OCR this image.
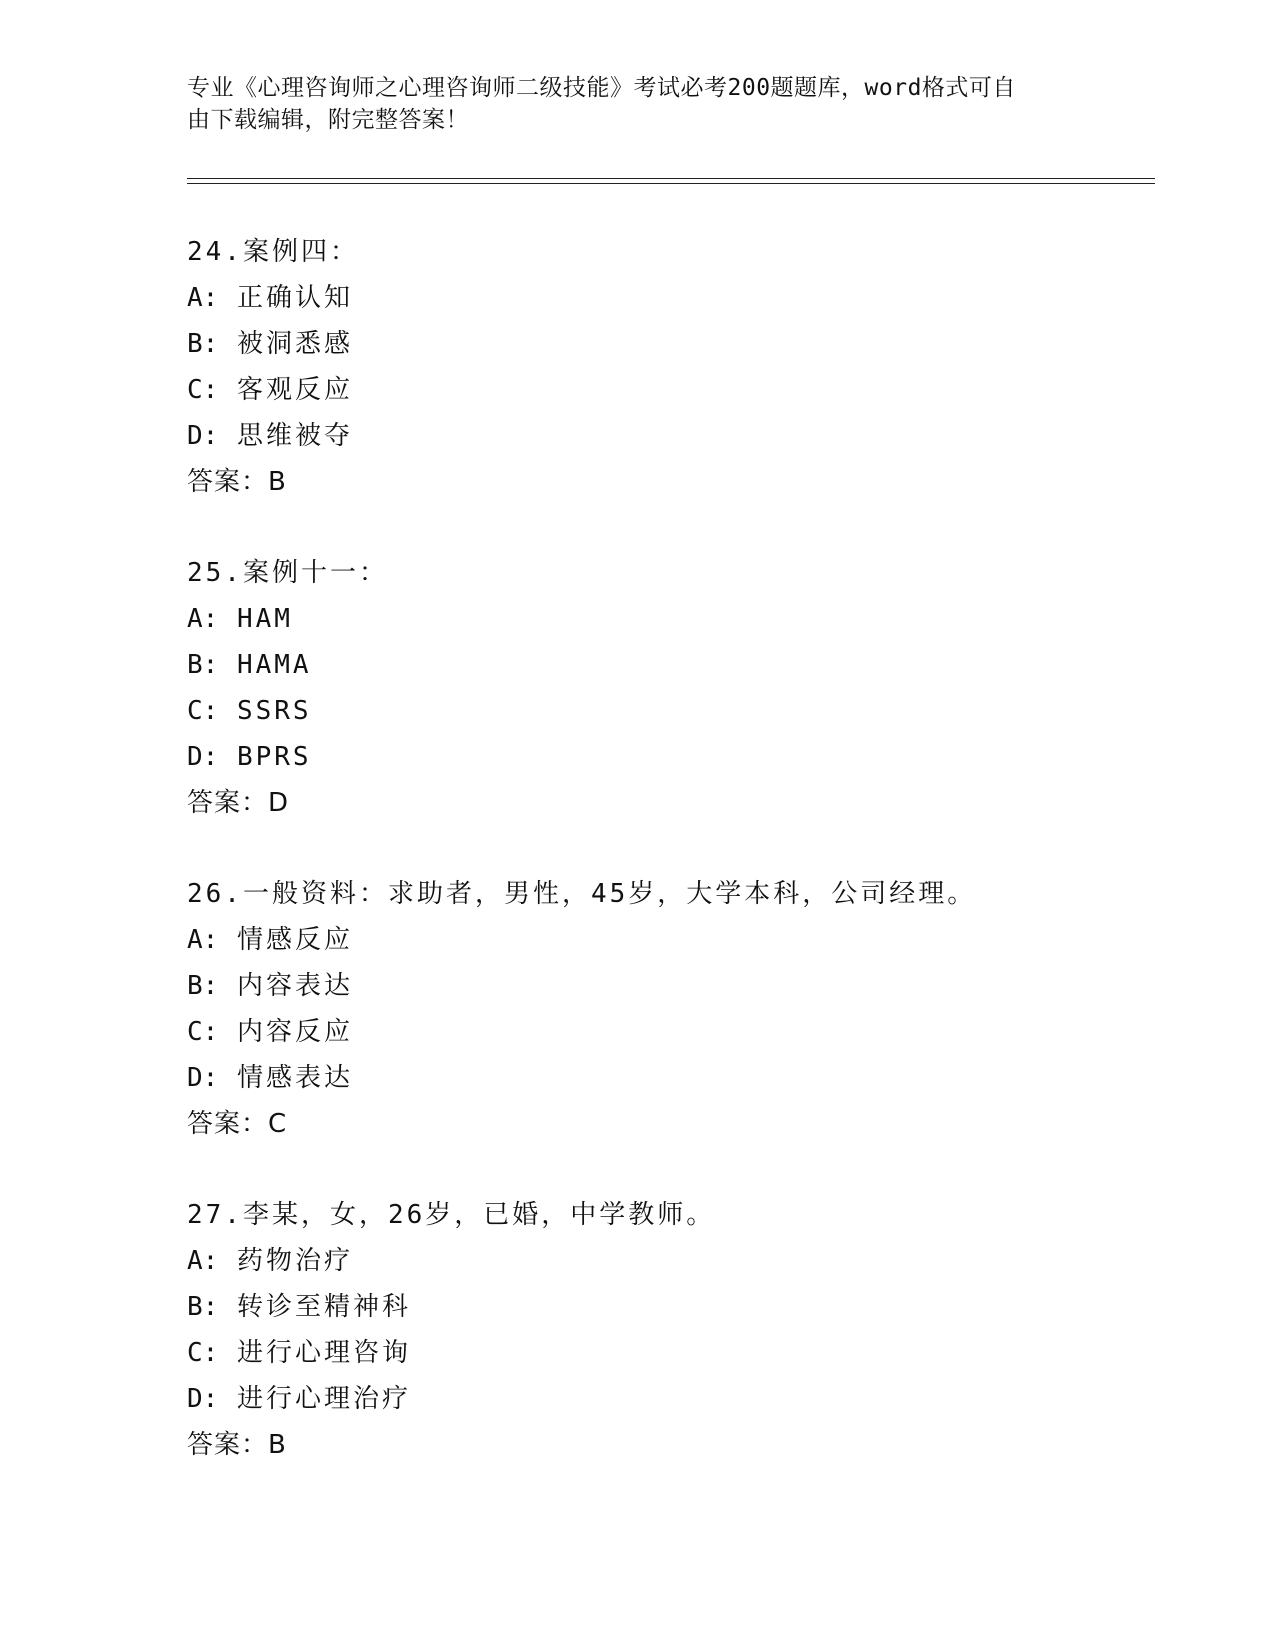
专业《心理咨询师之心理咨询师二级技能》考试必考200题题库，word格式可自
由下载编辑，附完整答案！
24.案例四：
A: 正确认知
B: 被洞悉感
C: 客观反应
D: 思维被夺
答案：B
25.案例十一：
A: HAM
B: HAMA
C: SSRS
D: BPRS
答案：D
26.一般资料：求助者，男性，45岁，大学本科，公司经理。
A: 情感反应
B: 内容表达
C: 内容反应
D: 情感表达
答案：C
27.李某，女，26岁，已婚，中学教师。
A: 药物治疗
B: 转诊至精神科
C: 进行心理咨询
D: 进行心理治疗
答案：B
